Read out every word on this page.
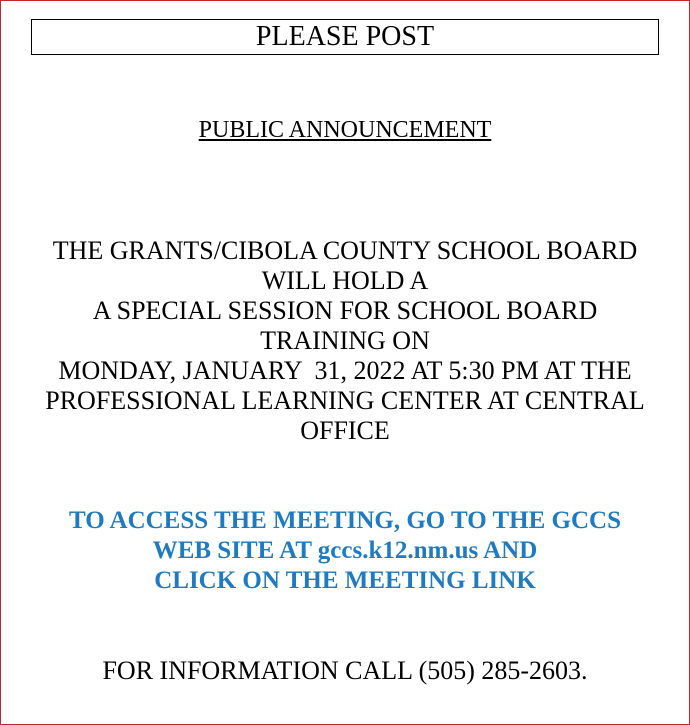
PLEASE POST
PUBLIC ANNOUNCEMENT
THE GRANTS/CIBOLA COUNTY SCHOOL BOARD
WILL HOLD A
A SPECIAL SESSION FOR SCHOOL BOARD
TRAINING ON
MONDAY, JANUARY  31, 2022 AT 5:30 PM AT THE
PROFESSIONAL LEARNING CENTER AT CENTRAL
OFFICE
TO ACCESS THE MEETING, GO TO THE GCCS
WEB SITE AT gccs.k12.nm.us AND
CLICK ON THE MEETING LINK
FOR INFORMATION CALL (505) 285-2603.
